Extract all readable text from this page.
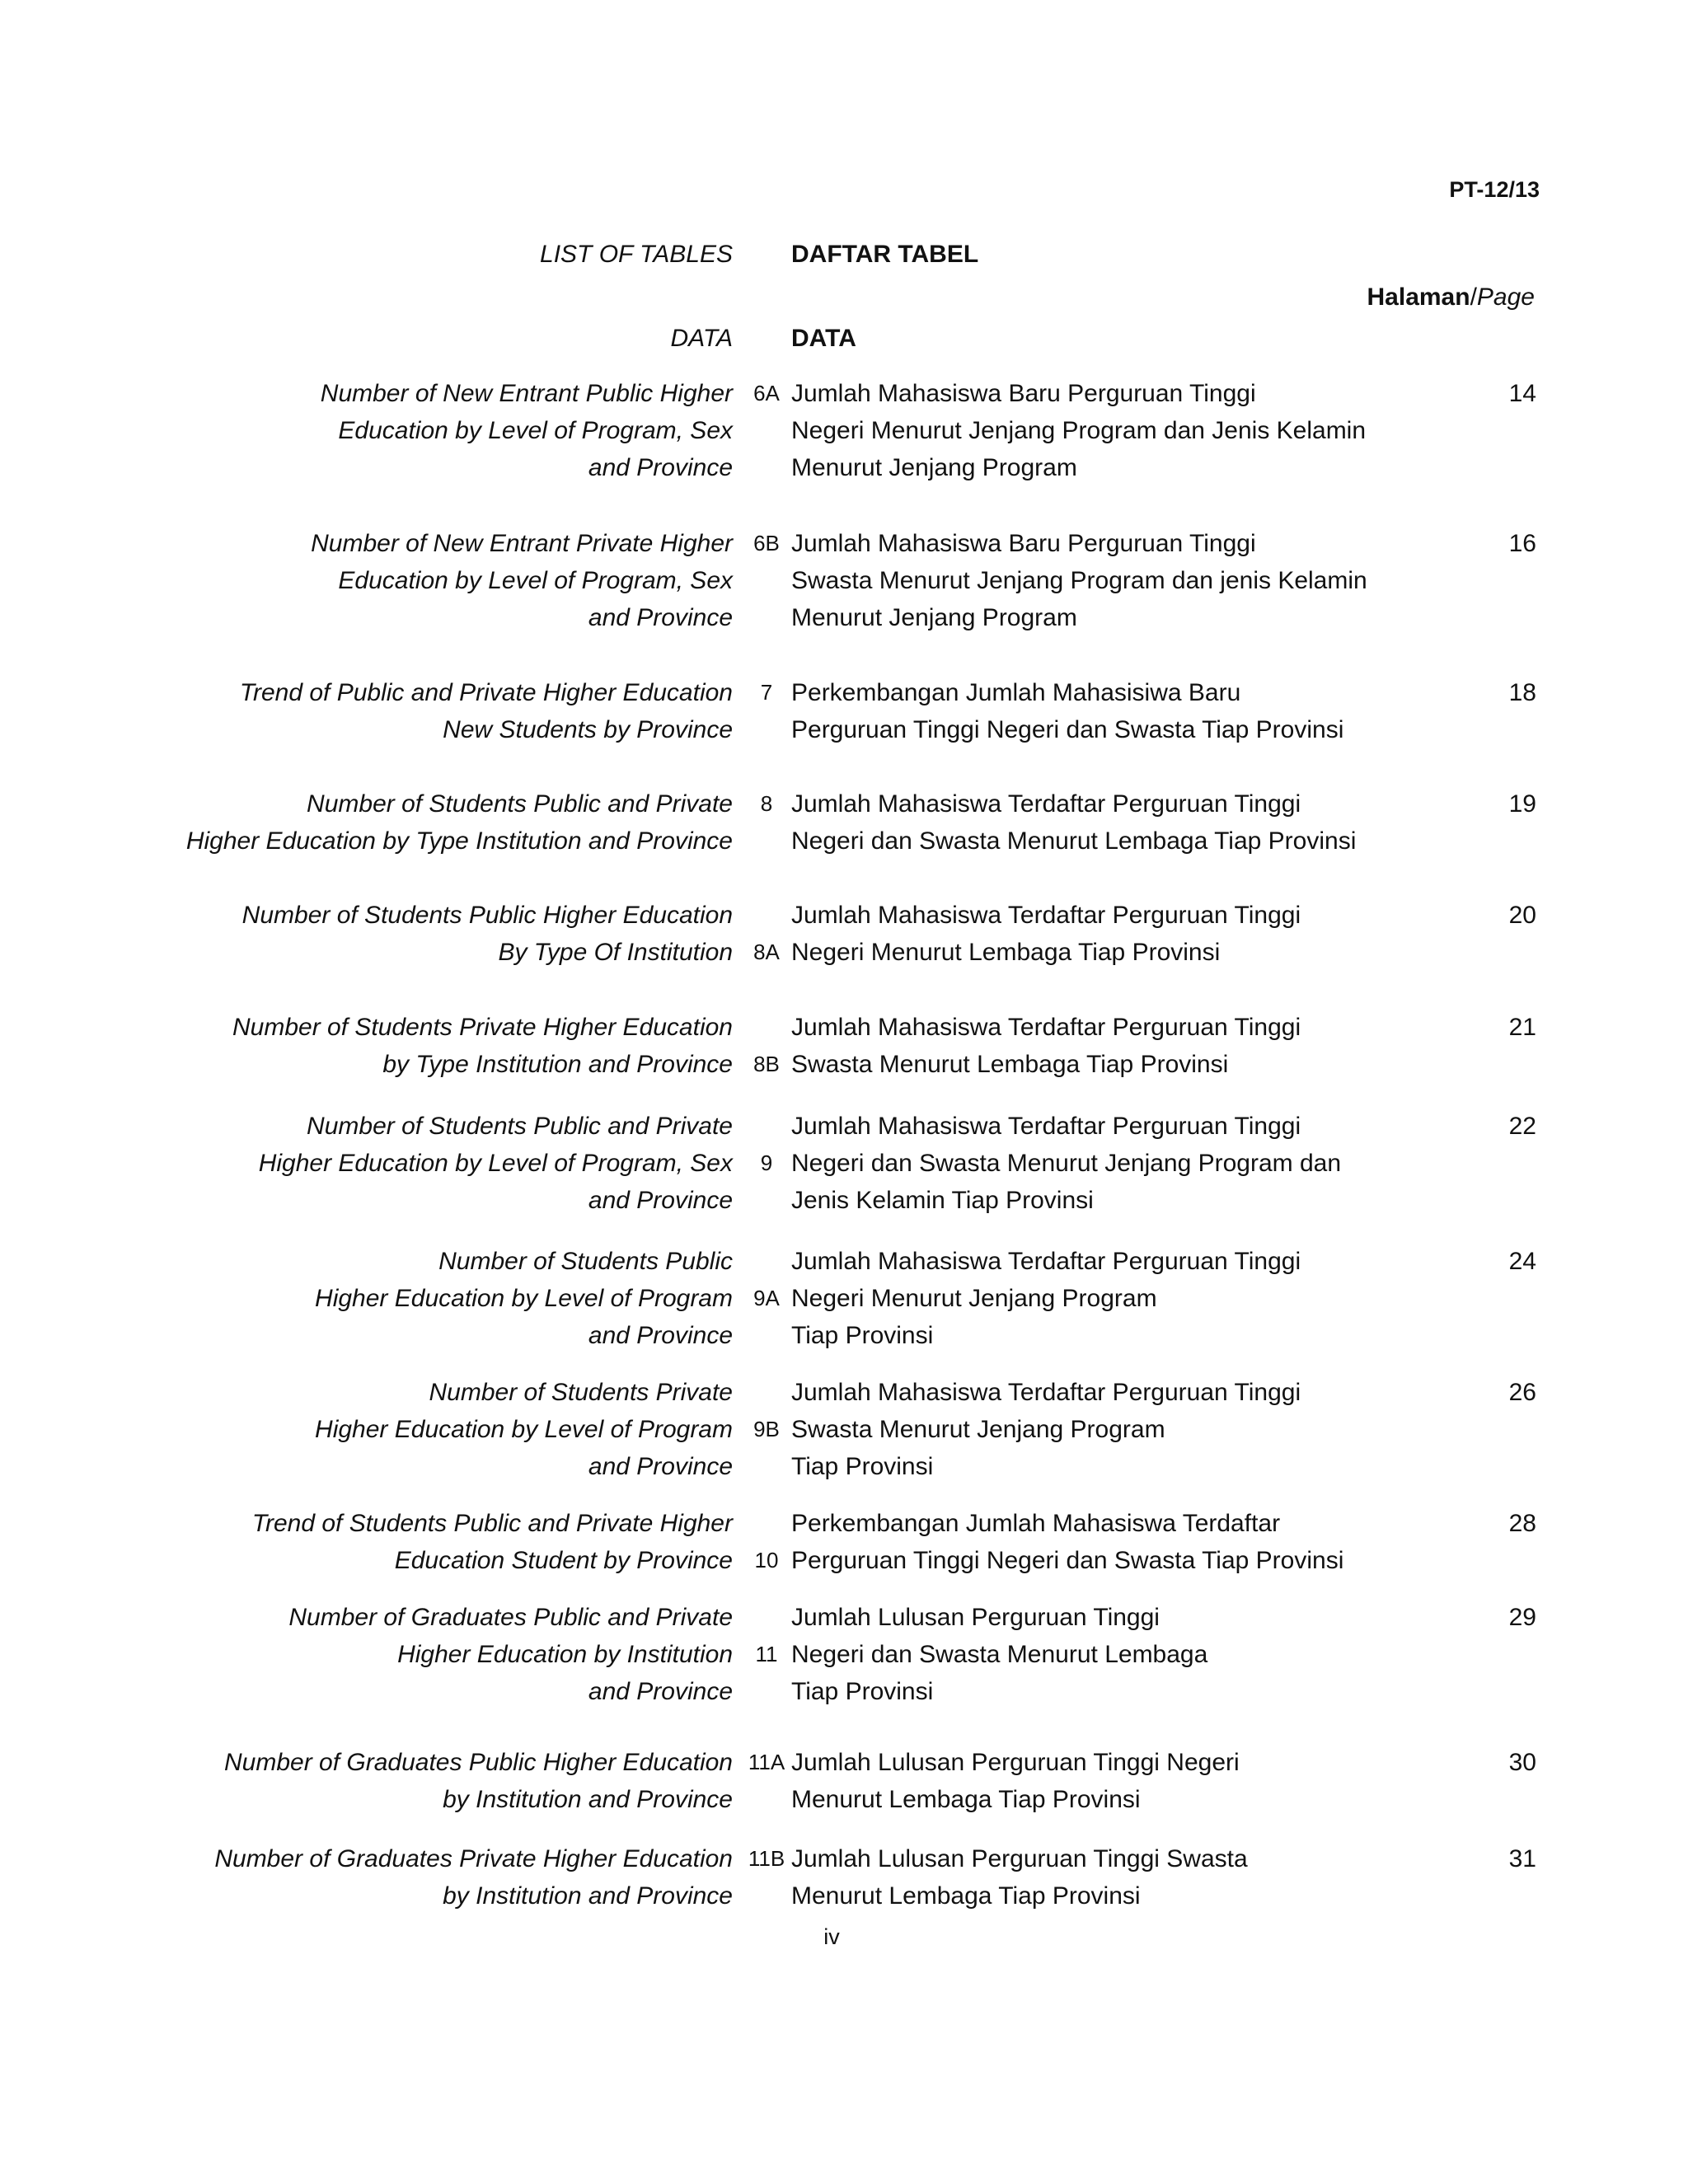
PT-12/13
LIST OF TABLES DAFTAR TABEL
Halaman/Page
DATA DATA
Number of New Entrant Public Higher
Education by Level of Program, Sex
and Province
6A Jumlah Mahasiswa Baru Perguruan Tinggi
Negeri Menurut Jenjang Program dan Jenis Kelamin
Menurut Jenjang Program
14
Number of New Entrant Private Higher
Education by Level of Program, Sex
and Province
6B Jumlah Mahasiswa Baru Perguruan Tinggi
Swasta Menurut Jenjang Program dan jenis Kelamin
Menurut Jenjang Program
16
Trend of Public and Private Higher Education
New Students by Province
7 Perkembangan Jumlah Mahasisiwa Baru
Perguruan Tinggi Negeri dan Swasta Tiap Provinsi
18
Number of Students Public and Private
Higher Education by Type Institution and Province
8 Jumlah Mahasiswa Terdaftar Perguruan Tinggi
Negeri dan Swasta Menurut Lembaga Tiap Provinsi
19
Number of Students Public Higher Education
By Type Of Institution 8A
Jumlah Mahasiswa Terdaftar Perguruan Tinggi
Negeri Menurut Lembaga Tiap Provinsi
20
Number of Students Private Higher Education
by Type Institution and Province 8B
Jumlah Mahasiswa Terdaftar Perguruan Tinggi
Swasta Menurut Lembaga Tiap Provinsi
21
Number of Students Public and Private
Higher Education by Level of Program, Sex
and Province
9
Jumlah Mahasiswa Terdaftar Perguruan Tinggi
Negeri dan Swasta Menurut Jenjang Program dan
Jenis Kelamin Tiap Provinsi
22
Number of Students Public
Higher Education by Level of Program
and Province
9A
Jumlah Mahasiswa Terdaftar Perguruan Tinggi
Negeri Menurut Jenjang Program
Tiap Provinsi
24
Number of Students Private
Higher Education by Level of Program
and Province
9B
Jumlah Mahasiswa Terdaftar Perguruan Tinggi
Swasta Menurut Jenjang Program
Tiap Provinsi
26
Trend of Students Public and Private Higher
Education Student by Province	10
Perkembangan Jumlah Mahasiswa Terdaftar
Perguruan Tinggi Negeri dan Swasta Tiap Provinsi
28
Number of Graduates Public and Private
Higher Education by Institution
and Province
11
Jumlah Lulusan Perguruan Tinggi
Negeri dan Swasta Menurut Lembaga
Tiap Provinsi
29
Number of Graduates Public Higher Education
by Institution and Province
11A Jumlah Lulusan Perguruan Tinggi Negeri
Menurut Lembaga Tiap Provinsi
30
Number of Graduates Private Higher Education
by Institution and Province
11B Jumlah Lulusan Perguruan Tinggi Swasta
Menurut Lembaga Tiap Provinsi
31
iv
